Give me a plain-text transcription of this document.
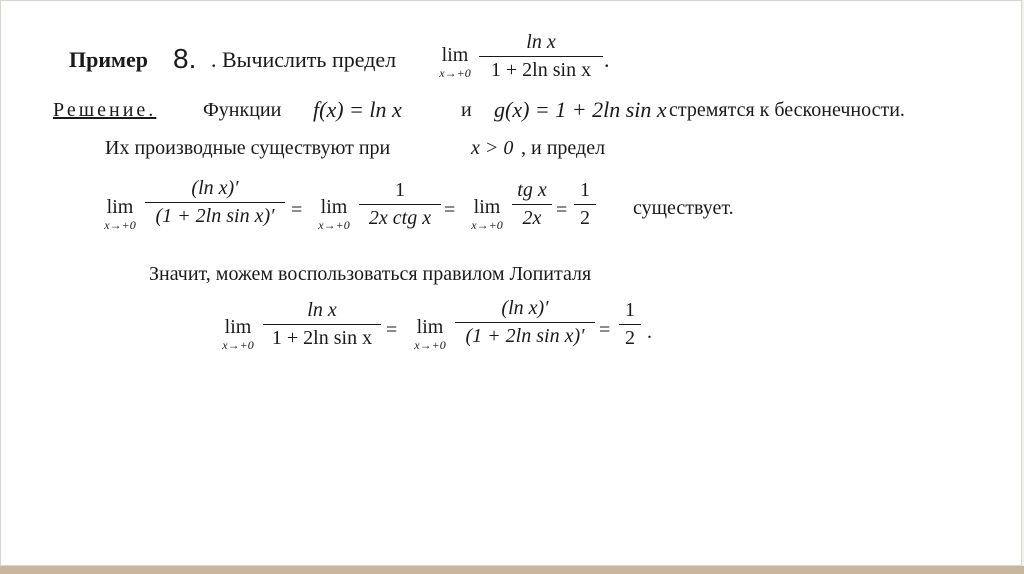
Пример 8. . Вычислить предел	lim
$x\to+0 \frac{\text{ln x}}{\text{1 + 2ln sin x}}$ .
Решение. Функции f(x) = ln x	и g(x) = 1 + 2ln sin x стремятся к бесконечности.
Их производные существуют при	x > 0 , и предел
lim
$x\to+0 \frac{\text{(ln x)′}}{\text{(1 + 2ln sin x)′}} = \lim$
x→+0
1
2x ctg x = lim
$x\to+0 \frac{\text{tg x}}{2x} = \frac{1}{2}$ существует.
Значит, можем воспользоваться правилом Лопиталя
lim
$x\to+0 \frac{\text{ln x}}{\text{1 + 2ln sin x}} = \lim$
$x\to+0 \frac{\text{(ln x)′}}{\text{(1 + 2ln sin x)′}} = \frac{1}{2}$ .
